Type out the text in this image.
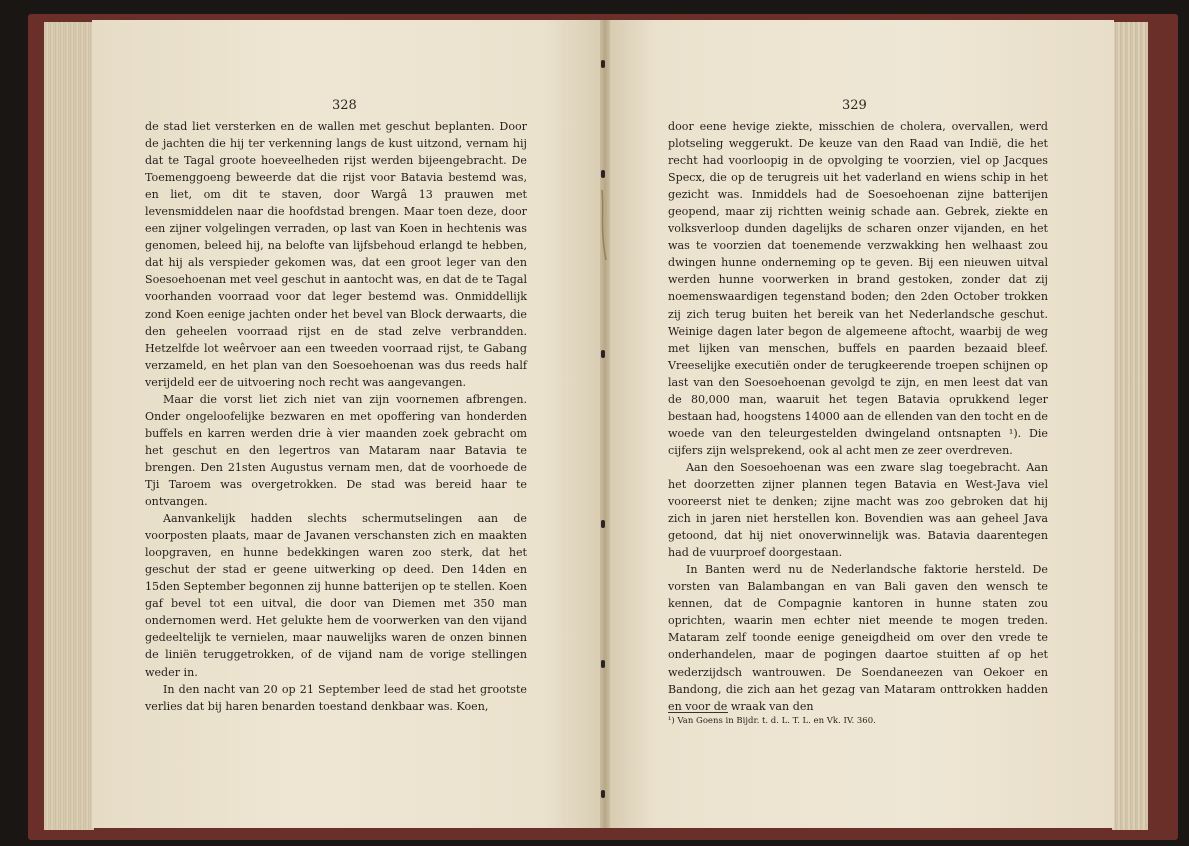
328

de stad liet versterken en de wallen met geschut beplanten. Door de jachten die hij ter verkenning langs de kust uitzond, vernam hij dat te Tagal groote hoeveelheden rijst werden bijeengebracht. De Toemenggoeng beweerde dat die rijst voor Batavia bestemd was, en liet, om dit te staven, door Wargâ 13 prauwen met levensmiddelen naar die hoofdstad brengen. Maar toen deze, door een zijner volgelingen verraden, op last van Koen in hechtenis was genomen, beleed hij, na belofte van lijfsbehoud erlangd te hebben, dat hij als verspieder gekomen was, dat een groot leger van den Soesoehoenan met veel geschut in aantocht was, en dat de te Tagal voorhanden voorraad voor dat leger bestemd was. Onmiddellijk zond Koen eenige jachten onder het bevel van Block derwaarts, die den geheelen voorraad rijst en de stad zelve verbrandden. Hetzelfde lot weêrvoer aan een tweeden voorraad rijst, te Gabang verzameld, en het plan van den Soesoehoenan was dus reeds half verijdeld eer de uitvoering noch recht was aangevangen.

Maar die vorst liet zich niet van zijn voornemen afbrengen. Onder ongeloofelijke bezwaren en met opoffering van honderden buffels en karren werden drie à vier maanden zoek gebracht om het geschut en den legertros van Mataram naar Batavia te brengen. Den 21sten Augustus vernam men, dat de voorhoede de Tji Taroem was overgetrokken. De stad was bereid haar te ontvangen.

Aanvankelijk hadden slechts schermutselingen aan de voorposten plaats, maar de Javanen verschansten zich en maakten loopgraven, en hunne bedekkingen waren zoo sterk, dat het geschut der stad er geene uitwerking op deed. Den 14den en 15den September begonnen zij hunne batterijen op te stellen. Koen gaf bevel tot een uitval, die door van Diemen met 350 man ondernomen werd. Het gelukte hem de voorwerken van den vijand gedeeltelijk te vernielen, maar nauwelijks waren de onzen binnen de liniën teruggetrokken, of de vijand nam de vorige stellingen weder in.

In den nacht van 20 op 21 September leed de stad het grootste verlies dat bij haren benarden toestand denkbaar was. Koen,

329

door eene hevige ziekte, misschien de cholera, overvallen, werd plotseling weggerukt. De keuze van den Raad van Indië, die het recht had voorloopig in de opvolging te voorzien, viel op Jacques Specx, die op de terugreis uit het vaderland en wiens schip in het gezicht was. Inmiddels had de Soesoehoenan zijne batterijen geopend, maar zij richtten weinig schade aan. Gebrek, ziekte en volksverloop dunden dagelijks de scharen onzer vijanden, en het was te voorzien dat toenemende verzwakking hen welhaast zou dwingen hunne onderneming op te geven. Bij een nieuwen uitval werden hunne voorwerken in brand gestoken, zonder dat zij noemenswaardigen tegenstand boden; den 2den October trokken zij zich terug buiten het bereik van het Nederlandsche geschut. Weinige dagen later begon de algemeene aftocht, waarbij de weg met lijken van menschen, buffels en paarden bezaaid bleef. Vreeselijke executiën onder de terugkeerende troepen schijnen op last van den Soesoehoenan gevolgd te zijn, en men leest dat van de 80,000 man, waaruit het tegen Batavia oprukkend leger bestaan had, hoogstens 14000 aan de ellenden van den tocht en de woede van den teleurgestelden dwingeland ontsnapten ¹). Die cijfers zijn welsprekend, ook al acht men ze zeer overdreven.

Aan den Soesoehoenan was een zware slag toegebracht. Aan het doorzetten zijner plannen tegen Batavia en West-Java viel vooreerst niet te denken; zijne macht was zoo gebroken dat hij zich in jaren niet herstellen kon. Bovendien was aan geheel Java getoond, dat hij niet onoverwinnelijk was. Batavia daarentegen had de vuurproef doorgestaan.

In Banten werd nu de Nederlandsche faktorie hersteld. De vorsten van Balambangan en van Bali gaven den wensch te kennen, dat de Compagnie kantoren in hunne staten zou oprichten, waarin men echter niet meende te mogen treden. Mataram zelf toonde eenige geneigdheid om over den vrede te onderhandelen, maar de pogingen daartoe stuitten af op het wederzijdsch wantrouwen. De Soendaneezen van Oekoer en Bandong, die zich aan het gezag van Mataram onttrokken hadden en voor de wraak van den

¹) Van Goens in Bijdr. t. d. L. T. L. en Vk. IV. 360.
